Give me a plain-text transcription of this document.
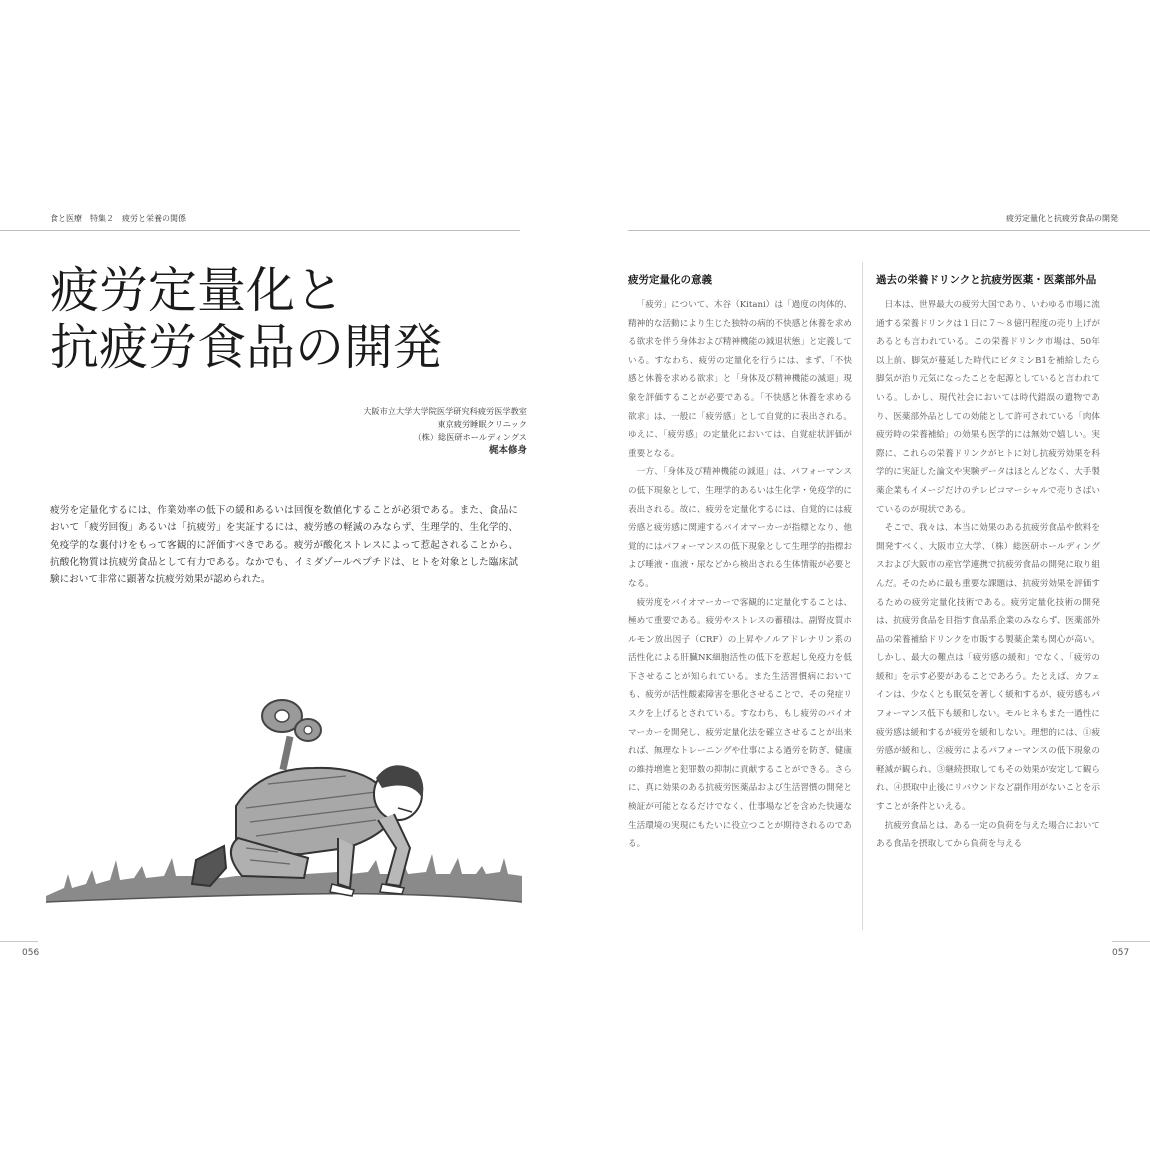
食と医療　特集２　疲労と栄養の関係	疲労定量化と抗疲労食品の開発
疲労定量化と
抗疲労食品の開発
大阪市立大学大学院医学研究科疲労医学教室
東京疲労睡眠クリニック
（株）総医研ホールディングス
梶本修身

疲労を定量化するには、作業効率の低下の緩和あるいは回復を数値化することが必須である。また、食品において「疲労回復」あるいは「抗疲労」を実証するには、疲労感の軽減のみならず、生理学的、生化学的、免疫学的な裏付けをもって客観的に評価すべきである。疲労が酸化ストレスによって惹起されることから、抗酸化物質は抗疲労食品として有力である。なかでも、イミダゾールペプチドは、ヒトを対象とした臨床試験において非常に顕著な抗疲労効果が認められた。

疲労定量化の意義

「疲労」について、木谷（Kitani）は「過度の肉体的、精神的な活動により生じた独特の病的不快感と休養を求める欲求を伴う身体および精神機能の減退状態」と定義している。すなわち、疲労の定量化を行うには、まず、「不快感と休養を求める欲求」と「身体及び精神機能の減退」現象を評価することが必要である。「不快感と休養を求める欲求」は、一般に「疲労感」として自覚的に表出される。ゆえに、「疲労感」の定量化においては、自覚症状評価が重要となる。

一方、「身体及び精神機能の減退」は、パフォーマンスの低下現象として、生理学的あるいは生化学・免疫学的に表出される。故に、疲労を定量化するには、自覚的には疲労感と疲労感に関連するバイオマーカーが指標となり、他覚的にはパフォーマンスの低下現象として生理学的指標および唾液・血液・尿などから検出される生体情報が必要となる。

疲労度をバイオマーカーで客観的に定量化することは、極めて重要である。疲労やストレスの蓄積は、副腎皮質ホルモン放出因子（CRF）の上昇やノルアドレナリン系の活性化による肝臓NK細胞活性の低下を惹起し免疫力を低下させることが知られている。また生活習慣病においても、疲労が活性酸素障害を悪化させることで、その発症リスクを上げるとされている。すなわち、もし疲労のバイオマーカーを開発し、疲労定量化法を確立させることが出来れば、無理なトレーニングや仕事による過労を防ぎ、健康の維持増進と犯罪数の抑制に貢献することができる。さらに、真に効果のある抗疲労医薬品および生活習慣の開発と検証が可能となるだけでなく、仕事場などを含めた快適な生活環境の実現にもたいに役立つことが期待されるのである。

過去の栄養ドリンクと抗疲労医薬・医薬部外品

日本は、世界最大の疲労大国であり、いわゆる市場に流通する栄養ドリンクは１日に７〜８億円程度の売り上げがあるとも言われている。この栄養ドリンク市場は、50年以上前、脚気が蔓延した時代にビタミンB1を補給したら脚気が治り元気になったことを起源としていると言われている。しかし、現代社会においては時代錯誤の遺物であり、医薬部外品としての効能として許可されている「肉体疲労時の栄養補給」の効果も医学的には無効で嬉しい。実際に、これらの栄養ドリンクがヒトに対し抗疲労効果を科学的に実証した論文や実験データはほとんどなく、大手製薬企業もイメージだけのテレビコマーシャルで売りさばいているのが現状である。

そこで、我々は、本当に効果のある抗疲労食品や飲料を開発すべく、大阪市立大学、（株）総医研ホールディングスおよび大阪市の産官学連携で抗疲労食品の開発に取り組んだ。そのために最も重要な課題は、抗疲労効果を評価するための疲労定量化技術である。疲労定量化技術の開発は、抗疲労食品を目指す食品系企業のみならず、医薬部外品の栄養補給ドリンクを市販する製薬企業も関心が高い。しかし、最大の難点は「疲労感の緩和」でなく、「疲労の緩和」を示す必要があることであろう。たとえば、カフェインは、少なくとも眠気を著しく緩和するが、疲労感もパフォーマンス低下も緩和しない。モルヒネもまた一過性に疲労感は緩和するが疲労を緩和しない。理想的には、①疲労感が緩和し、②疲労によるパフォーマンスの低下現象の軽減が観られ、③継続摂取してもその効果が安定して観られ、④摂取中止後にリバウンドなど副作用がないことを示すことが条件といえる。

抗疲労食品とは、ある一定の負荷を与えた場合においてある食品を摂取してから負荷を与える

056	057
